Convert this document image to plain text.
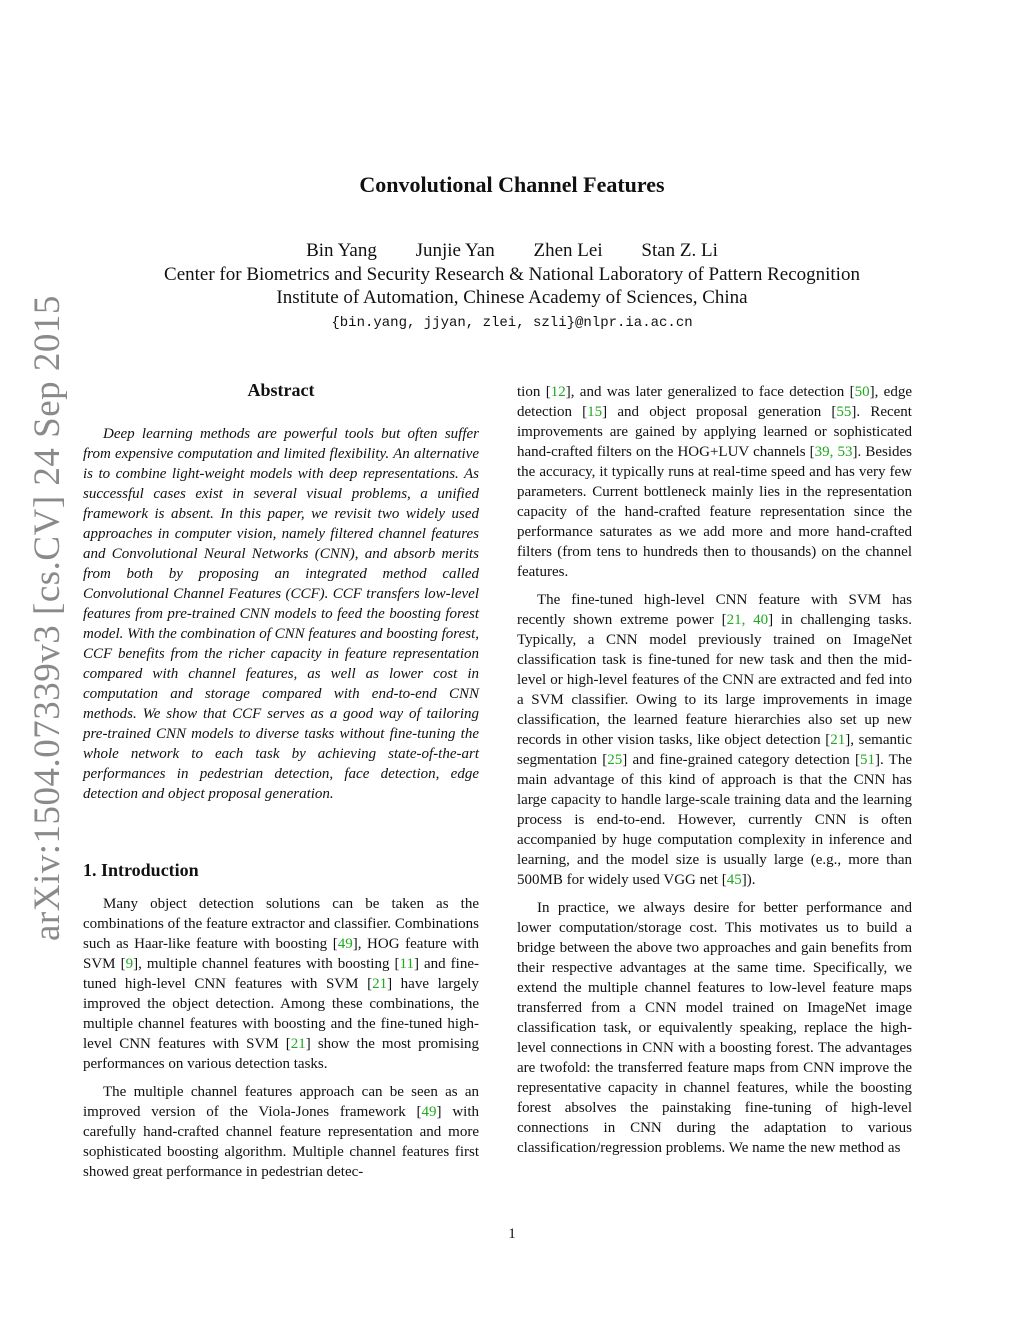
arXiv:1504.07339v3 [cs.CV] 24 Sep 2015
Convolutional Channel Features
Bin Yang Junjie Yan Zhen Lei Stan Z. Li
Center for Biometrics and Security Research & National Laboratory of Pattern Recognition
Institute of Automation, Chinese Academy of Sciences, China
{bin.yang, jjyan, zlei, szli}@nlpr.ia.ac.cn
Abstract

Deep learning methods are powerful tools but often suffer from expensive computation and limited flexibility. An alternative is to combine light-weight models with deep representations. As successful cases exist in several visual problems, a unified framework is absent. In this paper, we revisit two widely used approaches in computer vision, namely filtered channel features and Convolutional Neural Networks (CNN), and absorb merits from both by proposing an integrated method called Convolutional Channel Features (CCF). CCF transfers low-level features from pre-trained CNN models to feed the boosting forest model. With the combination of CNN features and boosting forest, CCF benefits from the richer capacity in feature representation compared with channel features, as well as lower cost in computation and storage compared with end-to-end CNN methods. We show that CCF serves as a good way of tailoring pre-trained CNN models to diverse tasks without fine-tuning the whole network to each task by achieving state-of-the-art performances in pedestrian detection, face detection, edge detection and object proposal generation.

1. Introduction

Many object detection solutions can be taken as the combinations of the feature extractor and classifier. Combinations such as Haar-like feature with boosting [49], HOG feature with SVM [9], multiple channel features with boosting [11] and fine-tuned high-level CNN features with SVM [21] have largely improved the object detection. Among these combinations, the multiple channel features with boosting and the fine-tuned high-level CNN features with SVM [21] show the most promising performances on various detection tasks.

The multiple channel features approach can be seen as an improved version of the Viola-Jones framework [49] with carefully hand-crafted channel feature representation and more sophisticated boosting algorithm. Multiple channel features first showed great performance in pedestrian detec-

tion [12], and was later generalized to face detection [50], edge detection [15] and object proposal generation [55]. Recent improvements are gained by applying learned or sophisticated hand-crafted filters on the HOG+LUV channels [39, 53]. Besides the accuracy, it typically runs at real-time speed and has very few parameters. Current bottleneck mainly lies in the representation capacity of the hand-crafted feature representation since the performance saturates as we add more and more hand-crafted filters (from tens to hundreds then to thousands) on the channel features.

The fine-tuned high-level CNN feature with SVM has recently shown extreme power [21, 40] in challenging tasks. Typically, a CNN model previously trained on ImageNet classification task is fine-tuned for new task and then the mid-level or high-level features of the CNN are extracted and fed into a SVM classifier. Owing to its large improvements in image classification, the learned feature hierarchies also set up new records in other vision tasks, like object detection [21], semantic segmentation [25] and fine-grained category detection [51]. The main advantage of this kind of approach is that the CNN has large capacity to handle large-scale training data and the learning process is end-to-end. However, currently CNN is often accompanied by huge computation complexity in inference and learning, and the model size is usually large (e.g., more than 500MB for widely used VGG net [45]).

In practice, we always desire for better performance and lower computation/storage cost. This motivates us to build a bridge between the above two approaches and gain benefits from their respective advantages at the same time. Specifically, we extend the multiple channel features to low-level feature maps transferred from a CNN model trained on ImageNet image classification task, or equivalently speaking, replace the high-level connections in CNN with a boosting forest. The advantages are twofold: the transferred feature maps from CNN improve the representative capacity in channel features, while the boosting forest absolves the painstaking fine-tuning of high-level connections in CNN during the adaptation to various classification/regression problems. We name the new method as

1
